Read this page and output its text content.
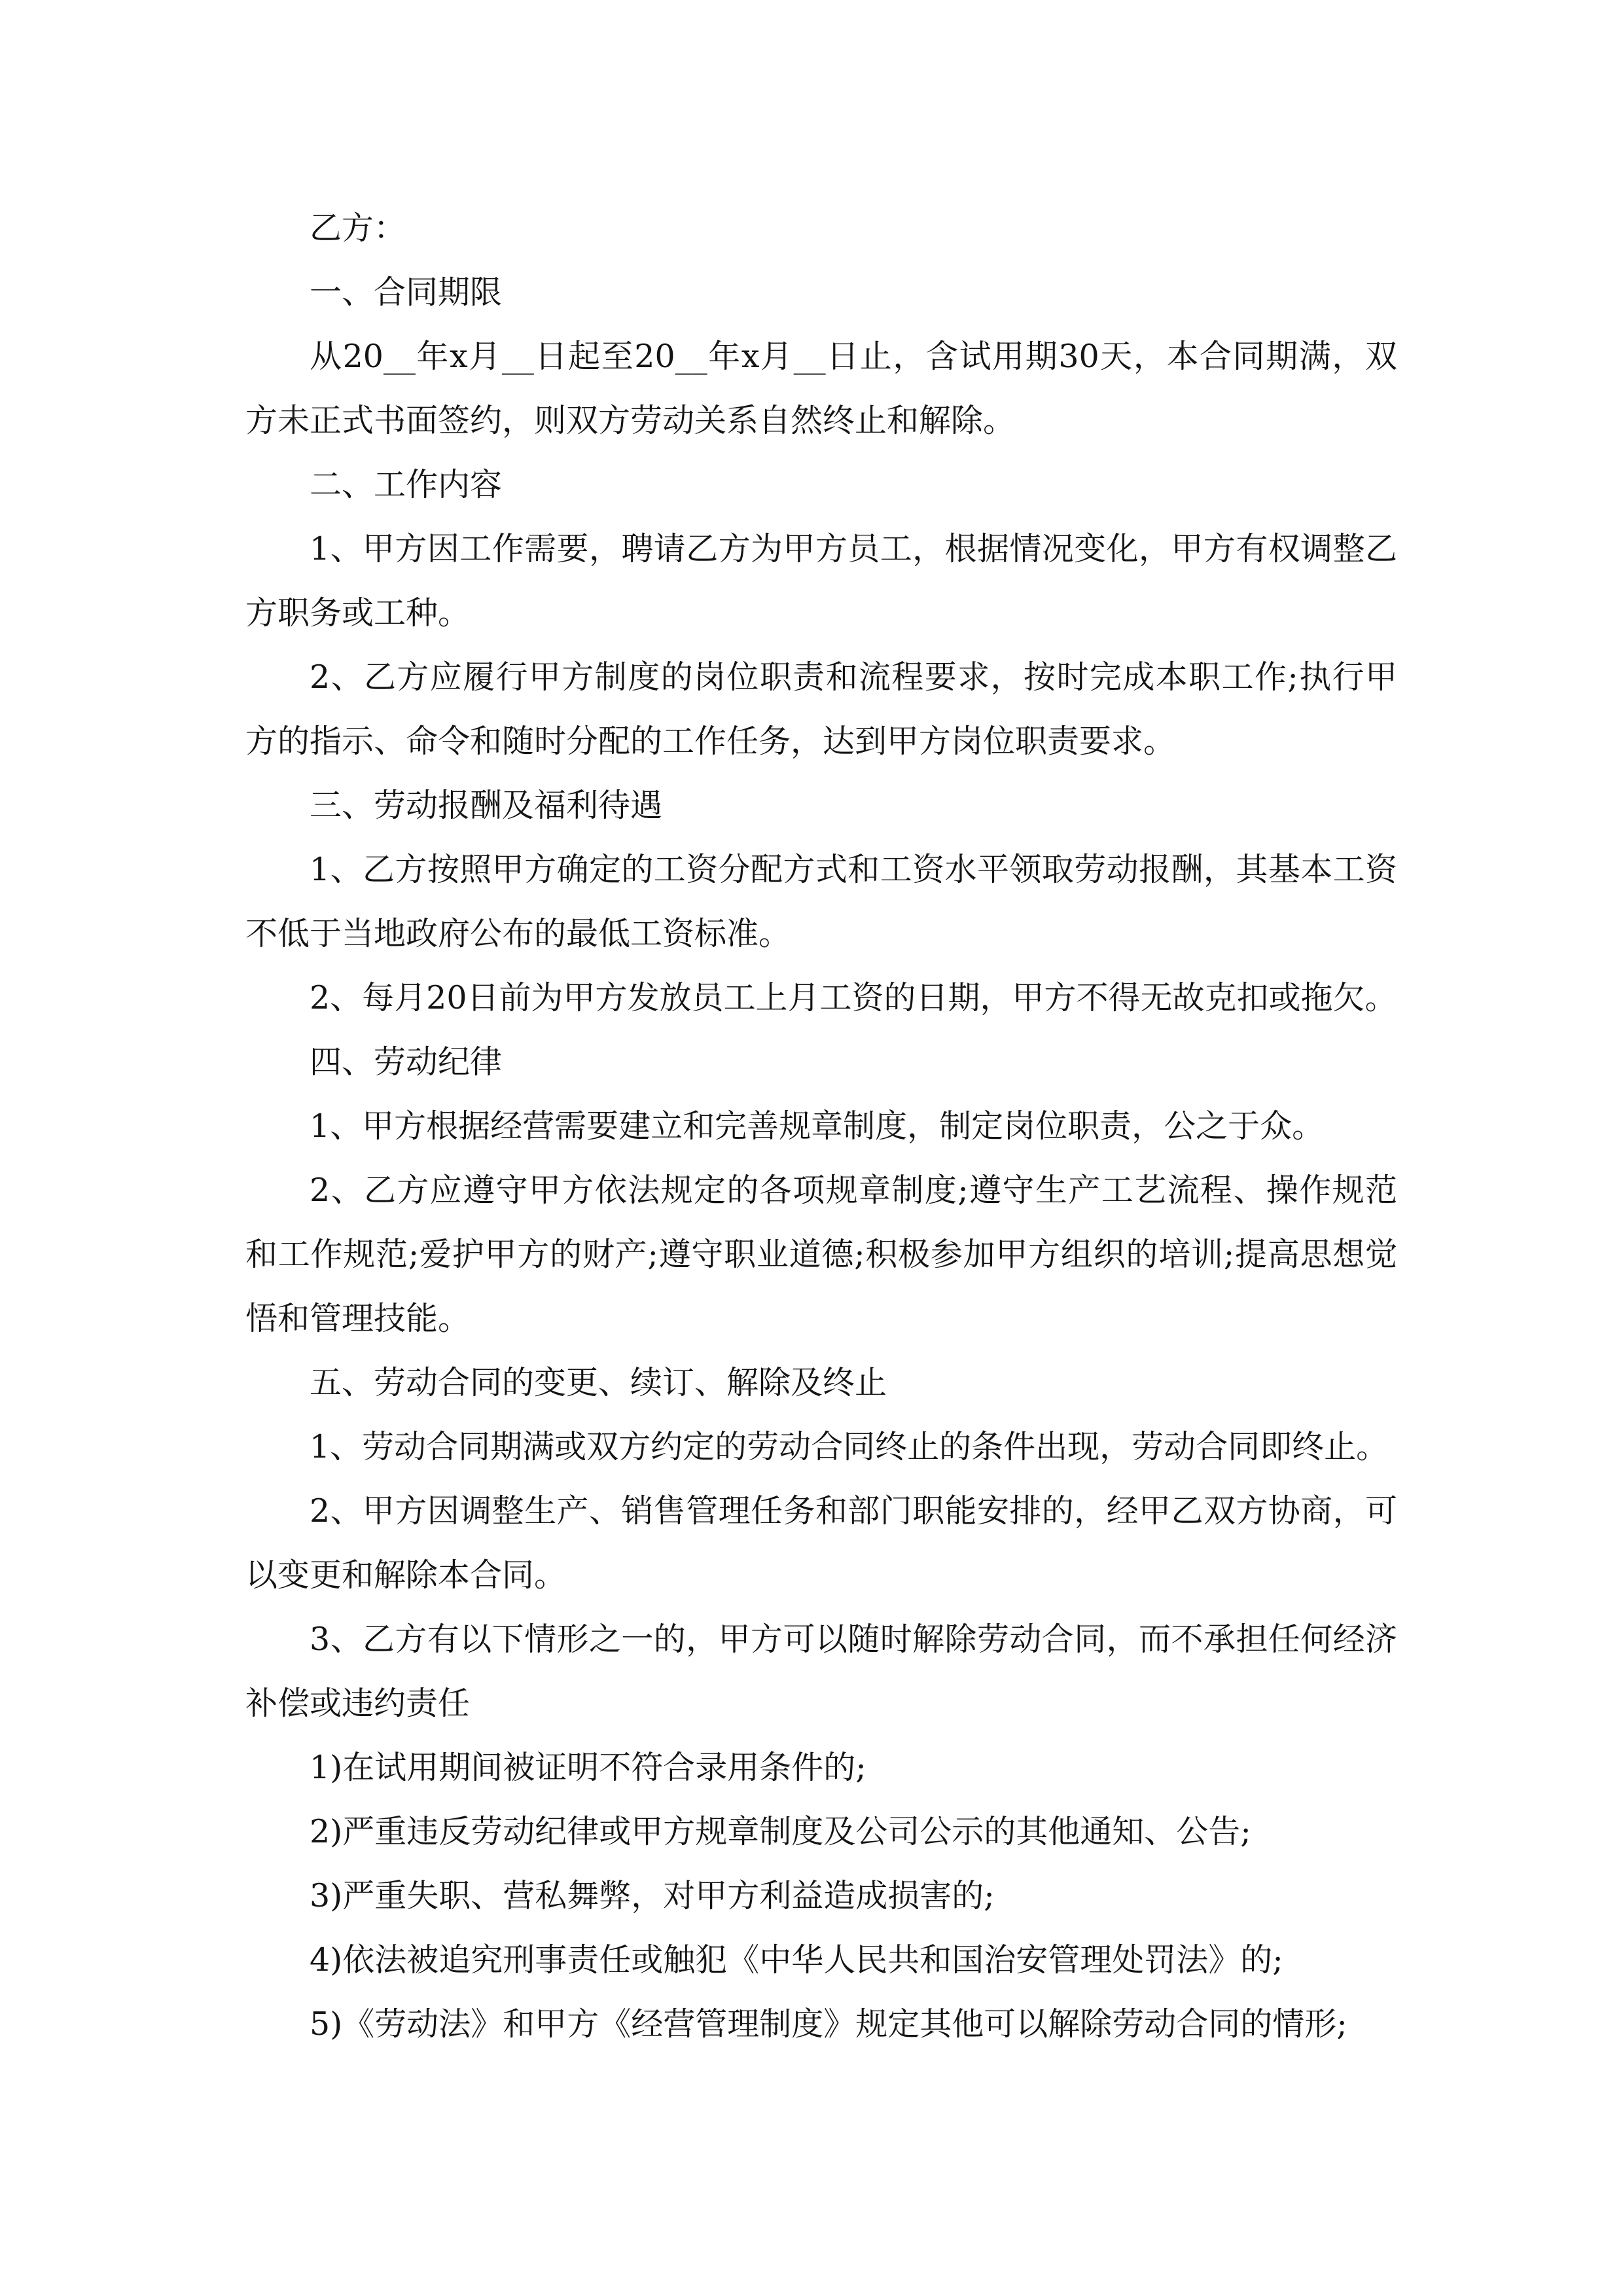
乙方：

一、合同期限

从20__年x月__日起至20__年x月__日止，含试用期30天，本合同期满，双方未正式书面签约，则双方劳动关系自然终止和解除。

二、工作内容

1、甲方因工作需要，聘请乙方为甲方员工，根据情况变化，甲方有权调整乙方职务或工种。

2、乙方应履行甲方制度的岗位职责和流程要求，按时完成本职工作;执行甲方的指示、命令和随时分配的工作任务，达到甲方岗位职责要求。

三、劳动报酬及福利待遇

1、乙方按照甲方确定的工资分配方式和工资水平领取劳动报酬，其基本工资不低于当地政府公布的最低工资标准。

2、每月20日前为甲方发放员工上月工资的日期，甲方不得无故克扣或拖欠。

四、劳动纪律

1、甲方根据经营需要建立和完善规章制度，制定岗位职责，公之于众。

2、乙方应遵守甲方依法规定的各项规章制度;遵守生产工艺流程、操作规范和工作规范;爱护甲方的财产;遵守职业道德;积极参加甲方组织的培训;提高思想觉悟和管理技能。

五、劳动合同的变更、续订、解除及终止

1、劳动合同期满或双方约定的劳动合同终止的条件出现，劳动合同即终止。

2、甲方因调整生产、销售管理任务和部门职能安排的，经甲乙双方协商，可以变更和解除本合同。

3、乙方有以下情形之一的，甲方可以随时解除劳动合同，而不承担任何经济补偿或违约责任

1)在试用期间被证明不符合录用条件的;

2)严重违反劳动纪律或甲方规章制度及公司公示的其他通知、公告;

3)严重失职、营私舞弊，对甲方利益造成损害的;

4)依法被追究刑事责任或触犯《中华人民共和国治安管理处罚法》的;

5)《劳动法》和甲方《经营管理制度》规定其他可以解除劳动合同的情形;
